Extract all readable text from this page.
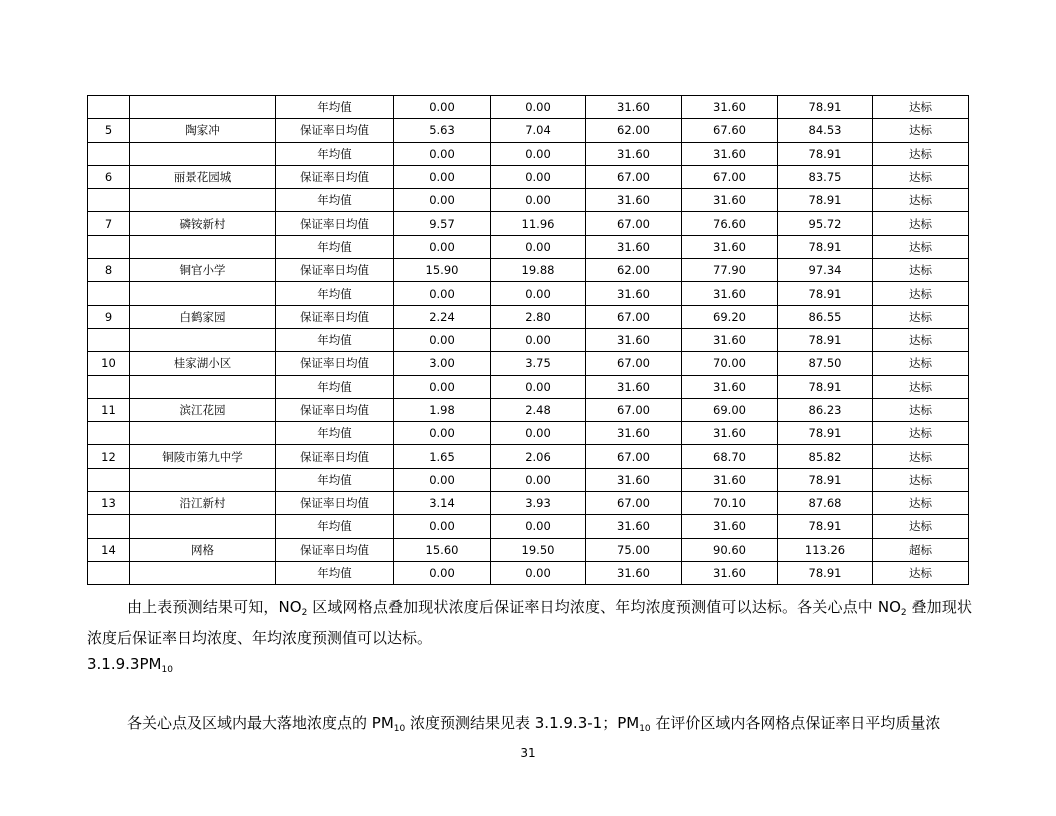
		年均值	0.00	0.00	31.60	31.60	78.91	达标
5	陶家冲	保证率日均值	5.63	7.04	62.00	67.60	84.53	达标
		年均值	0.00	0.00	31.60	31.60	78.91	达标
6	丽景花园城	保证率日均值	0.00	0.00	67.00	67.00	83.75	达标
		年均值	0.00	0.00	31.60	31.60	78.91	达标
7	磷铵新村	保证率日均值	9.57	11.96	67.00	76.60	95.72	达标
		年均值	0.00	0.00	31.60	31.60	78.91	达标
8	铜官小学	保证率日均值	15.90	19.88	62.00	77.90	97.34	达标
		年均值	0.00	0.00	31.60	31.60	78.91	达标
9	白鹤家园	保证率日均值	2.24	2.80	67.00	69.20	86.55	达标
		年均值	0.00	0.00	31.60	31.60	78.91	达标
10	桂家湖小区	保证率日均值	3.00	3.75	67.00	70.00	87.50	达标
		年均值	0.00	0.00	31.60	31.60	78.91	达标
11	滨江花园	保证率日均值	1.98	2.48	67.00	69.00	86.23	达标
		年均值	0.00	0.00	31.60	31.60	78.91	达标
12	铜陵市第九中学	保证率日均值	1.65	2.06	67.00	68.70	85.82	达标
		年均值	0.00	0.00	31.60	31.60	78.91	达标
13	沿江新村	保证率日均值	3.14	3.93	67.00	70.10	87.68	达标
		年均值	0.00	0.00	31.60	31.60	78.91	达标
14	网格	保证率日均值	15.60	19.50	75.00	90.60	113.26	超标
		年均值	0.00	0.00	31.60	31.60	78.91	达标

由上表预测结果可知，$NO_2$ 区域网格点叠加现状浓度后保证率日均浓度、年均浓度预测值可以达标。各关心点中 $NO_2$ 叠加现状浓度后保证率日均浓度、年均浓度预测值可以达标。

$3.1.9.3PM_{10}$

各关心点及区域内最大落地浓度点的 $PM_{10}$ 浓度预测结果见表 3.1.9.3-1；$PM_{10}$ 在评价区域内各网格点保证率日平均质量浓

31
